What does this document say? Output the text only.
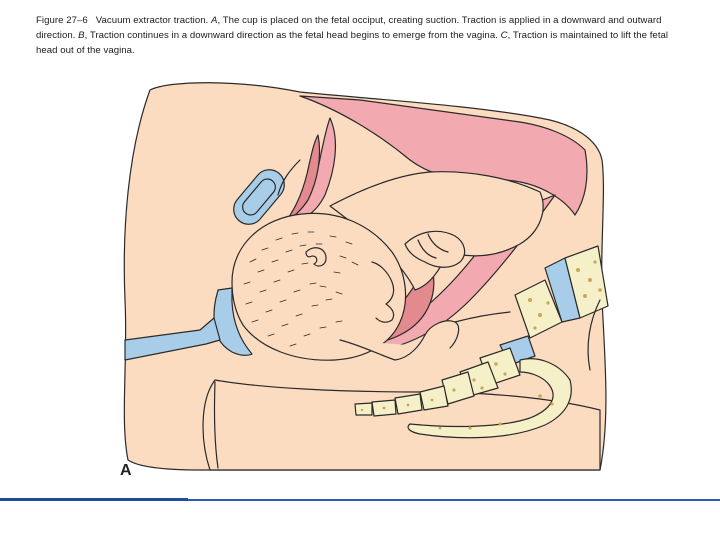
Figure 27–6 Vacuum extractor traction. A, The cup is placed on the fetal occiput, creating suction. Traction is applied in a downward and outward direction. B, Traction continues in a downward direction as the fetal head begins to emerge from the vagina. C, Traction is maintained to lift the fetal head out of the vagina.
A
